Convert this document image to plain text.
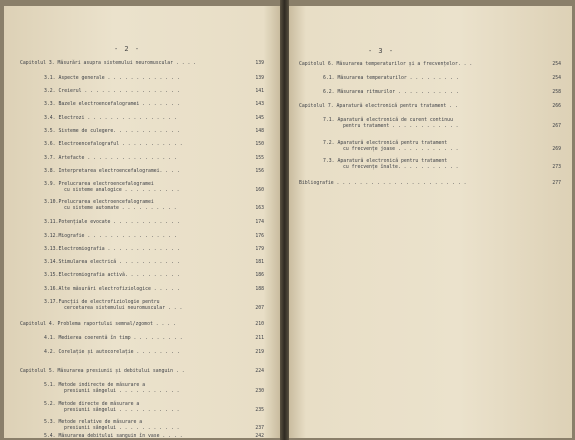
- 2 -
Capitolul 3. Măsurări asupra sistemului neuromuscular . . . .	139
3.1. Aspecte generale . . . . . . . . . . . . .	139
3.2. Creierul . . . . . . . . . . . . . . . . .	141
3.3. Bazele electroencefalogramei . . . . . . .	143
3.4. Electrozi . . . . . . . . . . . . . . . .	145
3.5. Sisteme de culegere. . . . . . . . . . . .	148
3.6. Electroencefalograful . . . . . . . . . . .	150
3.7. Artefacte . . . . . . . . . . . . . . . .	155
3.8. Interpretarea electroencefalogramei. . . .	156
3.9. Prelucrarea electroencefalogramei
cu sisteme analogice . . . . . . . . . .	160
3.10.Prelucrarea electroencefalogramei
cu sisteme automate . . . . . . . . . .	163
3.11.Potențiale evocate . . . . . . . . . . . .	174
3.12.Miografie . . . . . . . . . . . . . . . .	176
3.13.Electromiografia . . . . . . . . . . . . .	179
3.14.Stimularea electrică . . . . . . . . . . .	181
3.15.Electromiografia activă. . . . . . . . . .	186
3.16.Alte măsurări electrofiziologice . . . . .	188
3.17.Funcții de electrofiziologie pentru
cercetarea sistemului neuromuscular . . .	207
Capitolul 4. Problema raportului semnal/zgomot . . . .	210
4.1. Medierea coerentă în timp . . . . . . . . .	211
4.2. Corelație și autocorelație . . . . . . . .	219
Capitolul 5. Măsurarea presiunii și debitului sanguin . .	224
5.1. Metode indirecte de măsurare a
presiunii sângelui . . . . . . . . . . .	230
5.2. Metode directe de măsurare a
presiunii sângelui . . . . . . . . . . .	235
5.3. Metode relative de măsurare a
presiunii sângelui . . . . . . . . . . .	237
5.4. Măsurarea debitului sanguin în vase . . . .	242
- 3 -
Capitolul 6. Măsurarea temperaturilor și a frecvențelor. . .	254
6.1. Măsurarea temperaturilor . . . . . . . . .	254
6.2. Măsurarea ritmurilor . . . . . . . . . . .	258
Capitolul 7. Aparatură electronică pentru tratament . .	266
7.1. Aparatură electronică de curent continuu
pentru tratament . . . . . . . . . . . .	267
7.2. Aparatură electronică pentru tratament
cu frecvențe joase . . . . . . . . . . .	269
7.3. Aparatură electronică pentru tratament
cu frecvențe înalte. . . . . . . . . . .	273
Bibliografie . . . . . . . . . . . . . . . . . . . . . . .	277
